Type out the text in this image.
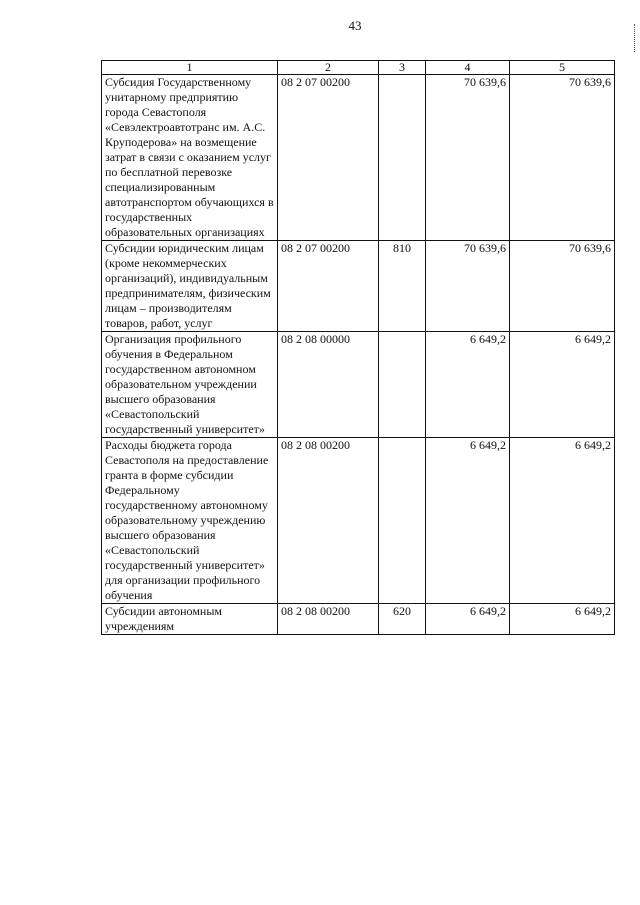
43
1	2	3	4	5
Субсидия Государственному унитарному предприятию города Севастополя «Севэлектроавтотранс им. А.С. Круподерова» на возмещение затрат в связи с оказанием услуг по бесплатной перевозке специализированным автотранспортом обучающихся в государственных образовательных организациях	08 2 07 00200		70 639,6	70 639,6
Субсидии юридическим лицам (кроме некоммерческих организаций), индивидуальным предпринимателям, физическим лицам – производителям товаров, работ, услуг	08 2 07 00200	810	70 639,6	70 639,6
Организация профильного обучения в Федеральном государственном автономном образовательном учреждении высшего образования «Севастопольский государственный университет»	08 2 08 00000		6 649,2	6 649,2
Расходы бюджета города Севастополя на предоставление гранта в форме субсидии Федеральному государственному автономному образовательному учреждению высшего образования «Севастопольский государственный университет» для организации профильного обучения	08 2 08 00200		6 649,2	6 649,2
Субсидии автономным учреждениям	08 2 08 00200	620	6 649,2	6 649,2
